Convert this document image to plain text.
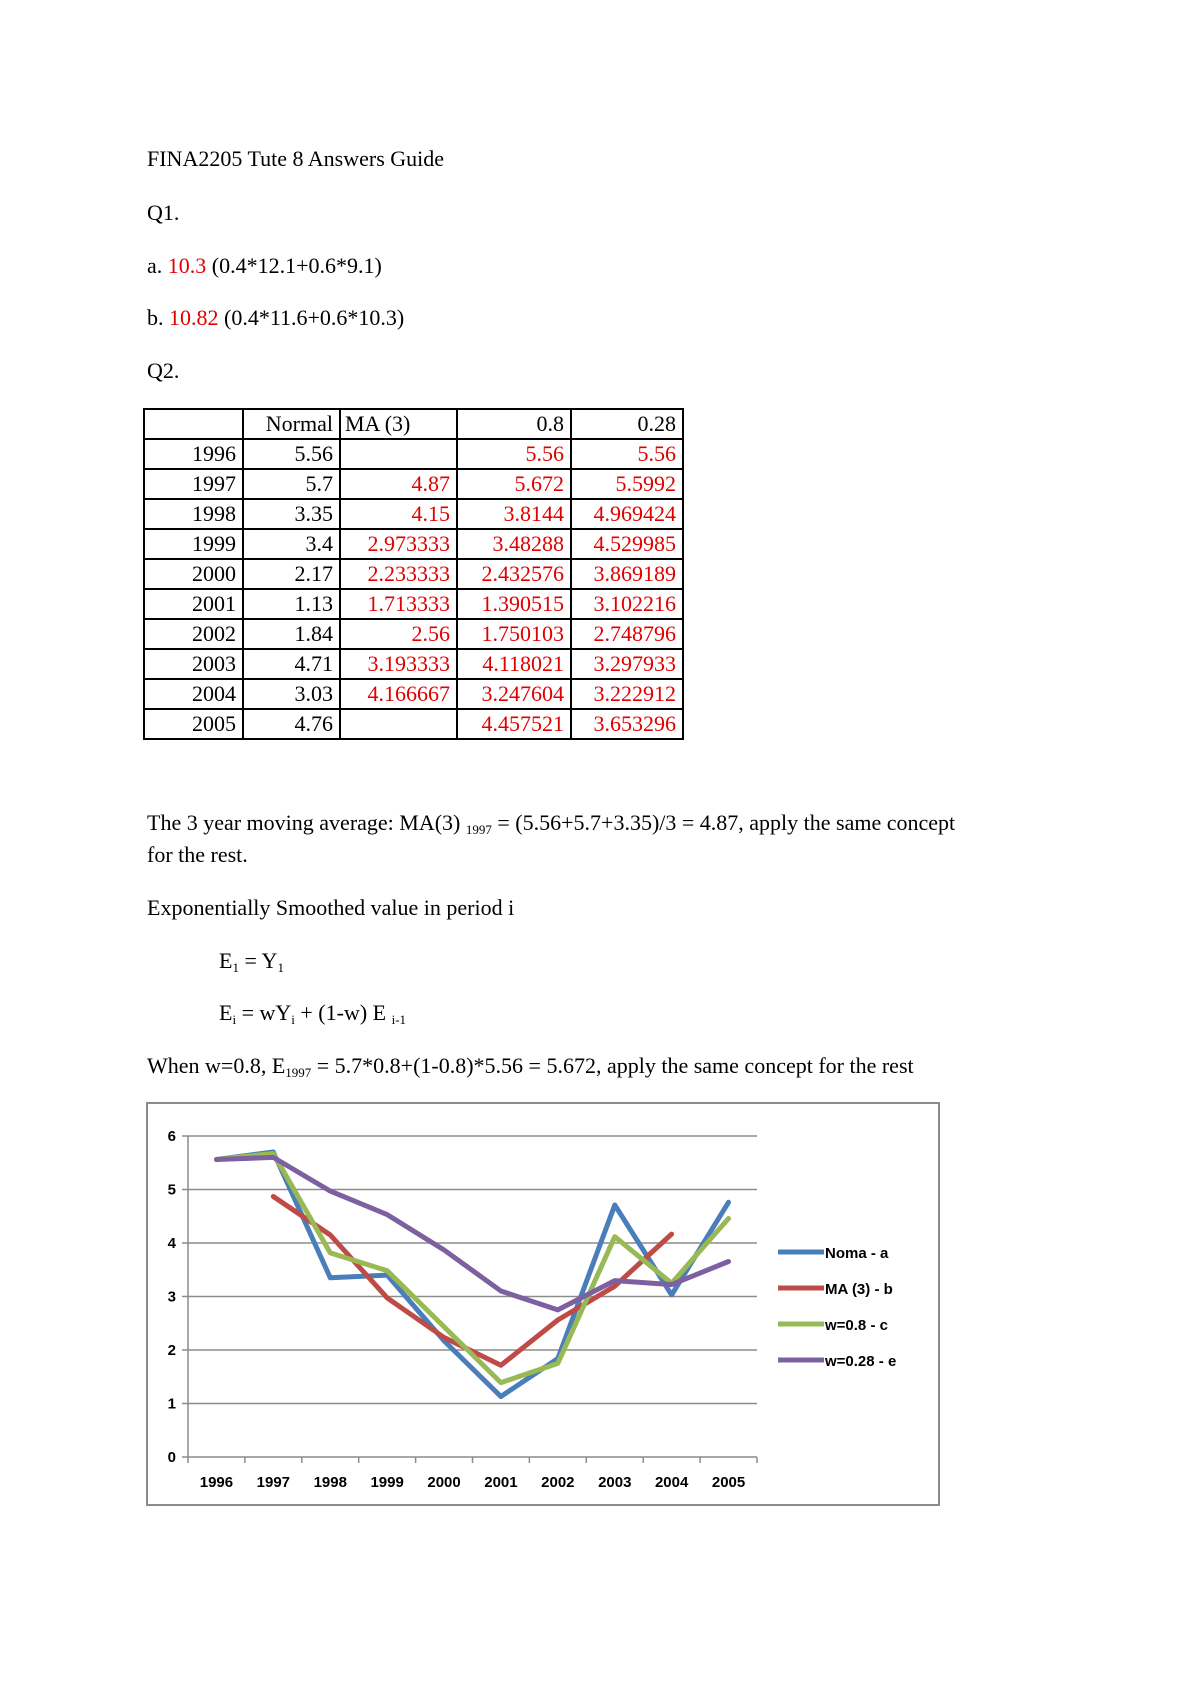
FINA2205 Tute 8 Answers Guide
Q1.
a. 10.3 (0.4*12.1+0.6*9.1)
b. 10.82 (0.4*11.6+0.6*10.3)
Q2.
	Normal	MA (3)	0.8	0.28
1996	5.56		5.56	5.56
1997	5.7	4.87	5.672	5.5992
1998	3.35	4.15	3.8144	4.969424
1999	3.4	2.973333	3.48288	4.529985
2000	2.17	2.233333	2.432576	3.869189
2001	1.13	1.713333	1.390515	3.102216
2002	1.84	2.56	1.750103	2.748796
2003	4.71	3.193333	4.118021	3.297933
2004	3.03	4.166667	3.247604	3.222912
2005	4.76		4.457521	3.653296
The 3 year moving average: MA(3) $_{1997}$ = (5.56+5.7+3.35)/3 = 4.87, apply the same concept
for the rest.
Exponentially Smoothed value in period i
$E_1 = Y_1$
$E_i = wY_i + (1-w)$ E $_{i-1}$
When w=0.8, $E_{1997} = 5.7*0.8+(1-0.8)*5.56 = 5.672$, apply the same concept for the rest
0
1
2
3
4
5
6
1996 1997 1998 1999 2000 2001 2002 2003 2004 2005
Noma - a
MA (3) - b
w=0.8 - c
w=0.28 - e
